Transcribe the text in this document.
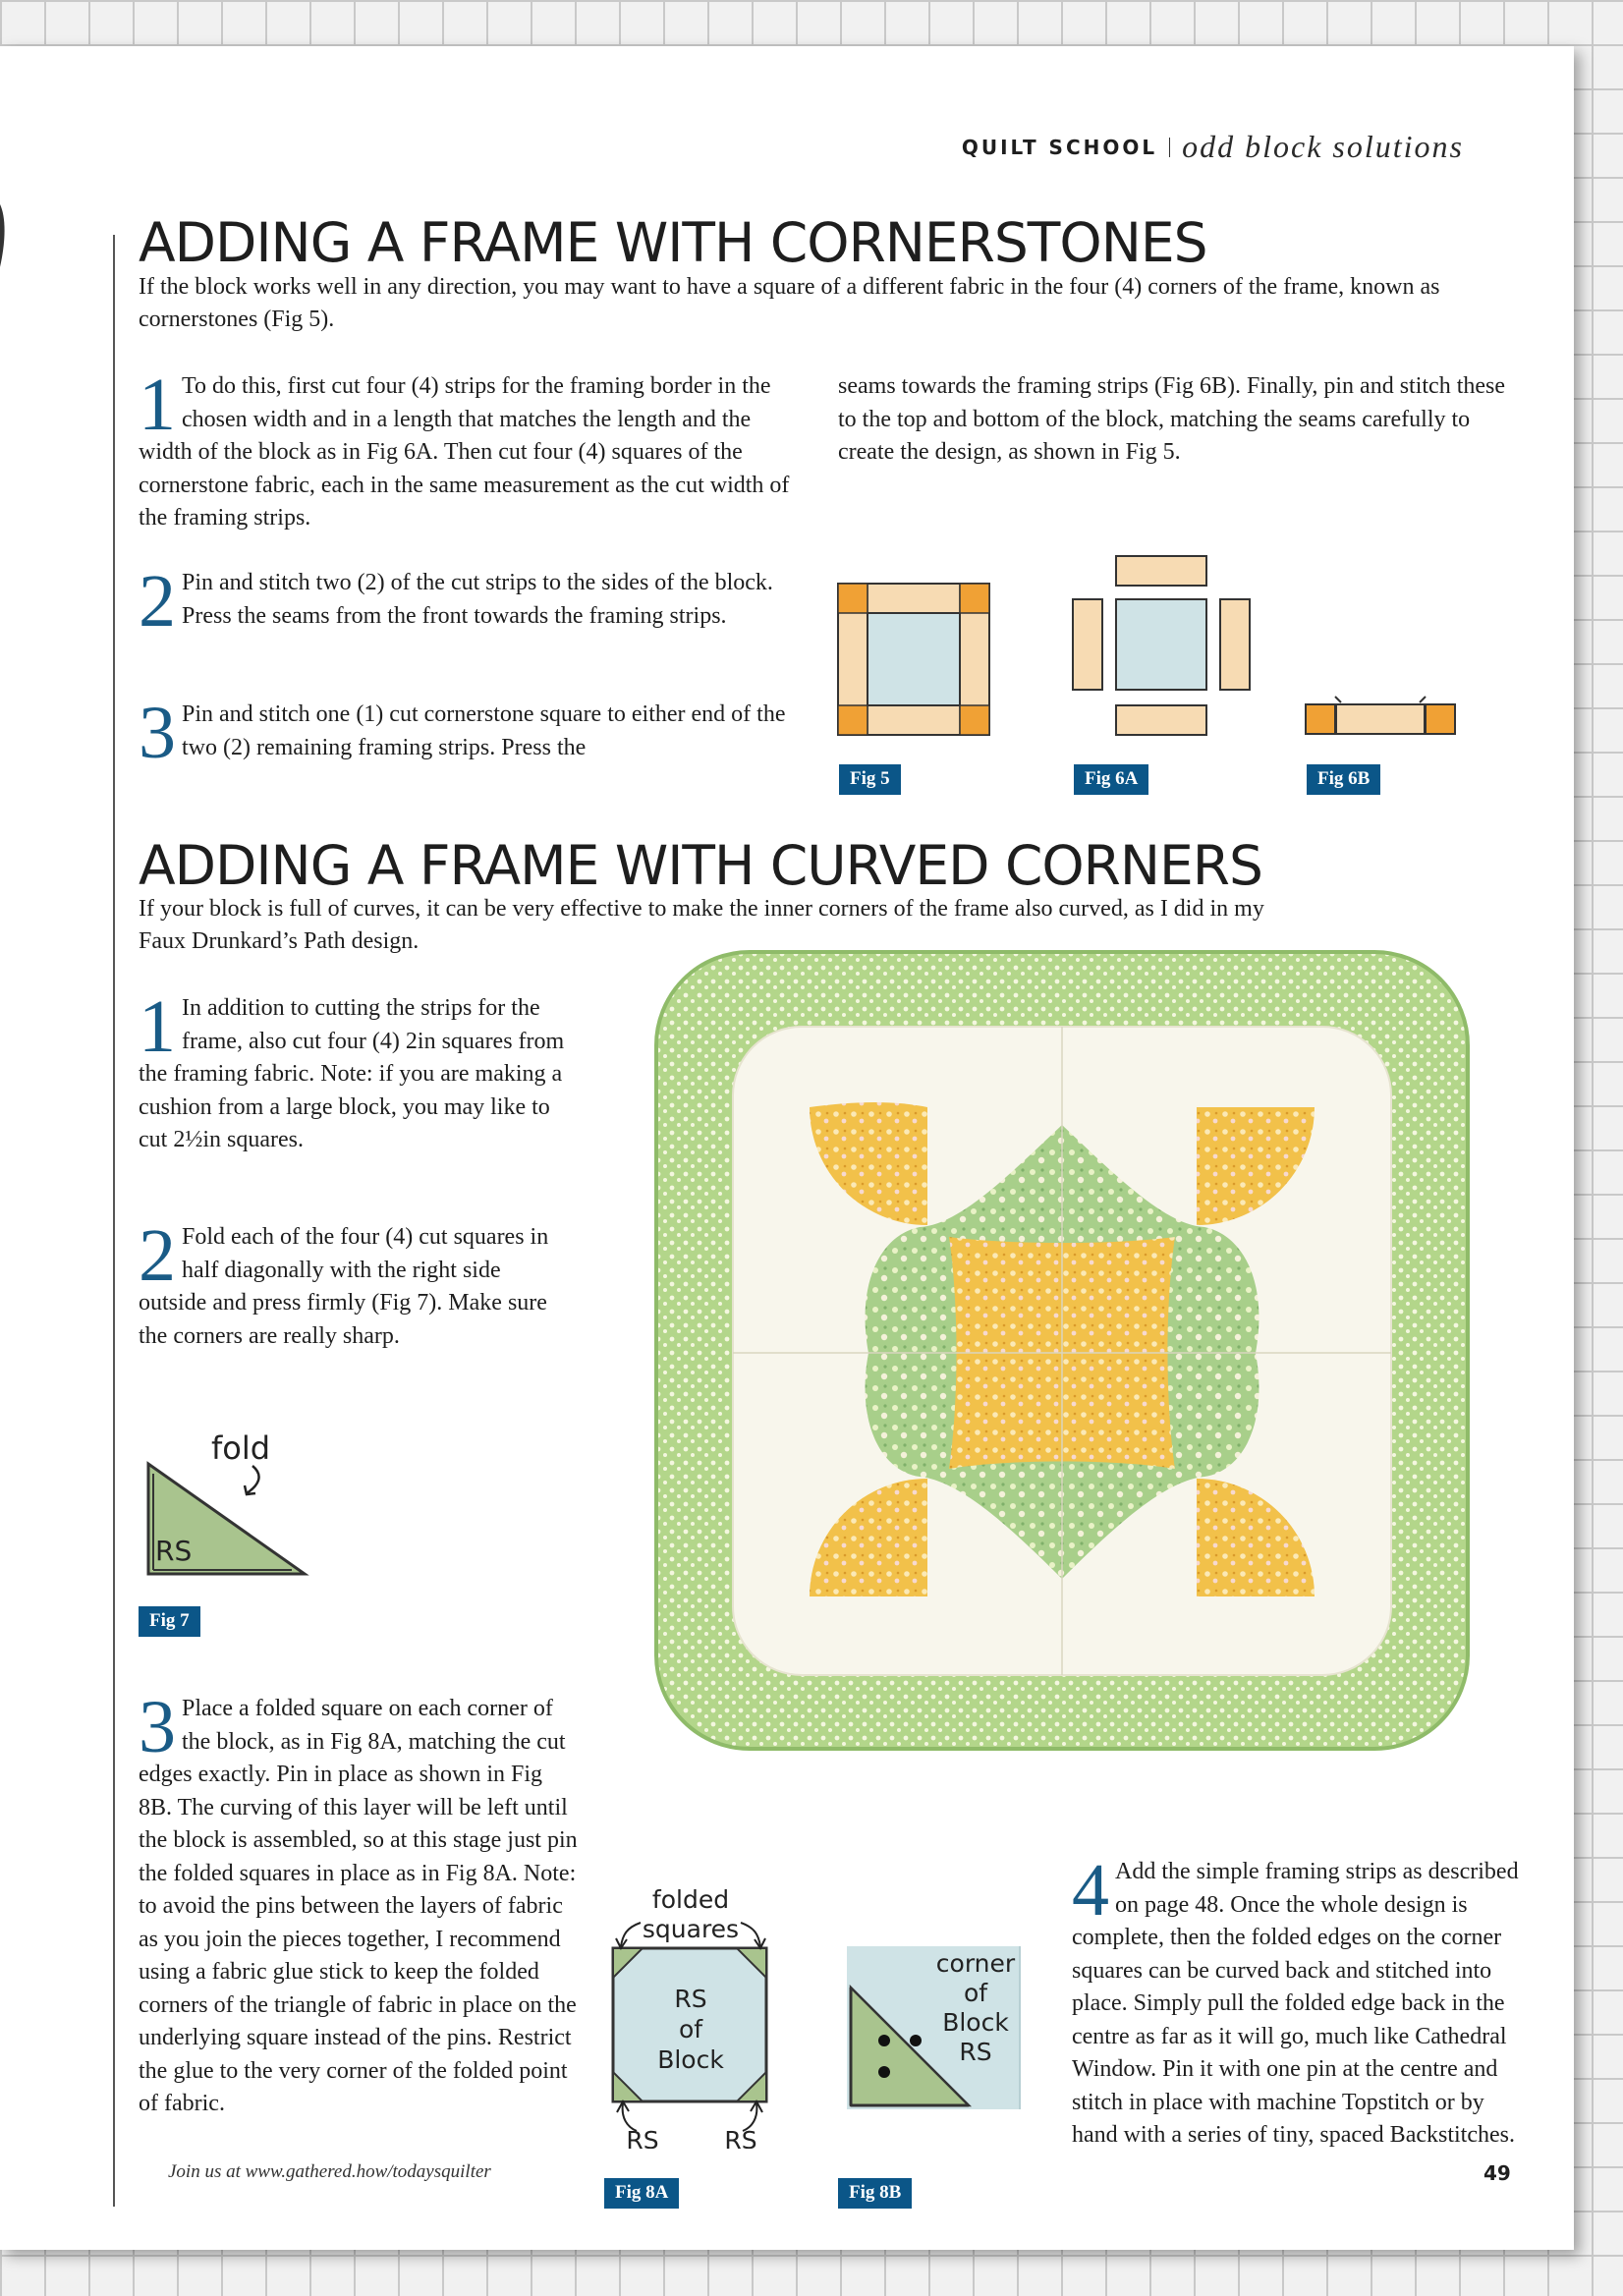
QUILT SCHOOL odd block solutions
ADDING A FRAME WITH CORNERSTONES

If the block works well in any direction, you may want to have a square of a different fabric in the four (4) corners of the frame, known as cornerstones (Fig 5).

1 To do this, first cut four (4) strips for the framing border in the chosen width and in a length that matches the length and the width of the block as in Fig 6A. Then cut four (4) squares of the cornerstone fabric, each in the same measurement as the cut width of the framing strips.

2 Pin and stitch two (2) of the cut strips to the sides of the block. Press the seams from the front towards the framing strips.

3 Pin and stitch one (1) cut cornerstone square to either end of the two (2) remaining framing strips. Press the

seams towards the framing strips (Fig 6B). Finally, pin and stitch these to the top and bottom of the block, matching the seams carefully to create the design, as shown in Fig 5.

Fig 5	Fig 6A	Fig 6B
ADDING A FRAME WITH CURVED CORNERS

If your block is full of curves, it can be very effective to make the inner corners of the frame also curved, as I did in my Faux Drunkard’s Path design.

1 In addition to cutting the strips for the frame, also cut four (4) 2in squares from the framing fabric. Note: if you are making a cushion from a large block, you may like to cut 2½in squares.

2 Fold each of the four (4) cut squares in half diagonally with the right side outside and press firmly (Fig 7). Make sure the corners are really sharp.

fold
RS
Fig 7

3 Place a folded square on each corner of the block, as in Fig 8A, matching the cut edges exactly. Pin in place as shown in Fig 8B. The curving of this layer will be left until the block is assembled, so at this stage just pin the folded squares in place as in Fig 8A. Note: to avoid the pins between the layers of fabric as you join the pieces together, I recommend using a fabric glue stick to keep the folded corners of the triangle of fabric in place on the underlying square instead of the pins. Restrict the glue to the very corner of the folded point of fabric.

folded
squares
RS
of
Block
RS	RS
Fig 8A
corner
of
Block
RS
Fig 8B

4 Add the simple framing strips as described on page 48. Once the whole design is complete, then the folded edges on the corner squares can be curved back and stitched into place. Simply pull the folded edge back in the centre as far as it will go, much like Cathedral Window. Pin it with one pin at the centre and stitch in place with machine Topstitch or by hand with a series of tiny, spaced Backstitches.

Join us at www.gathered.how/todaysquilter	49
